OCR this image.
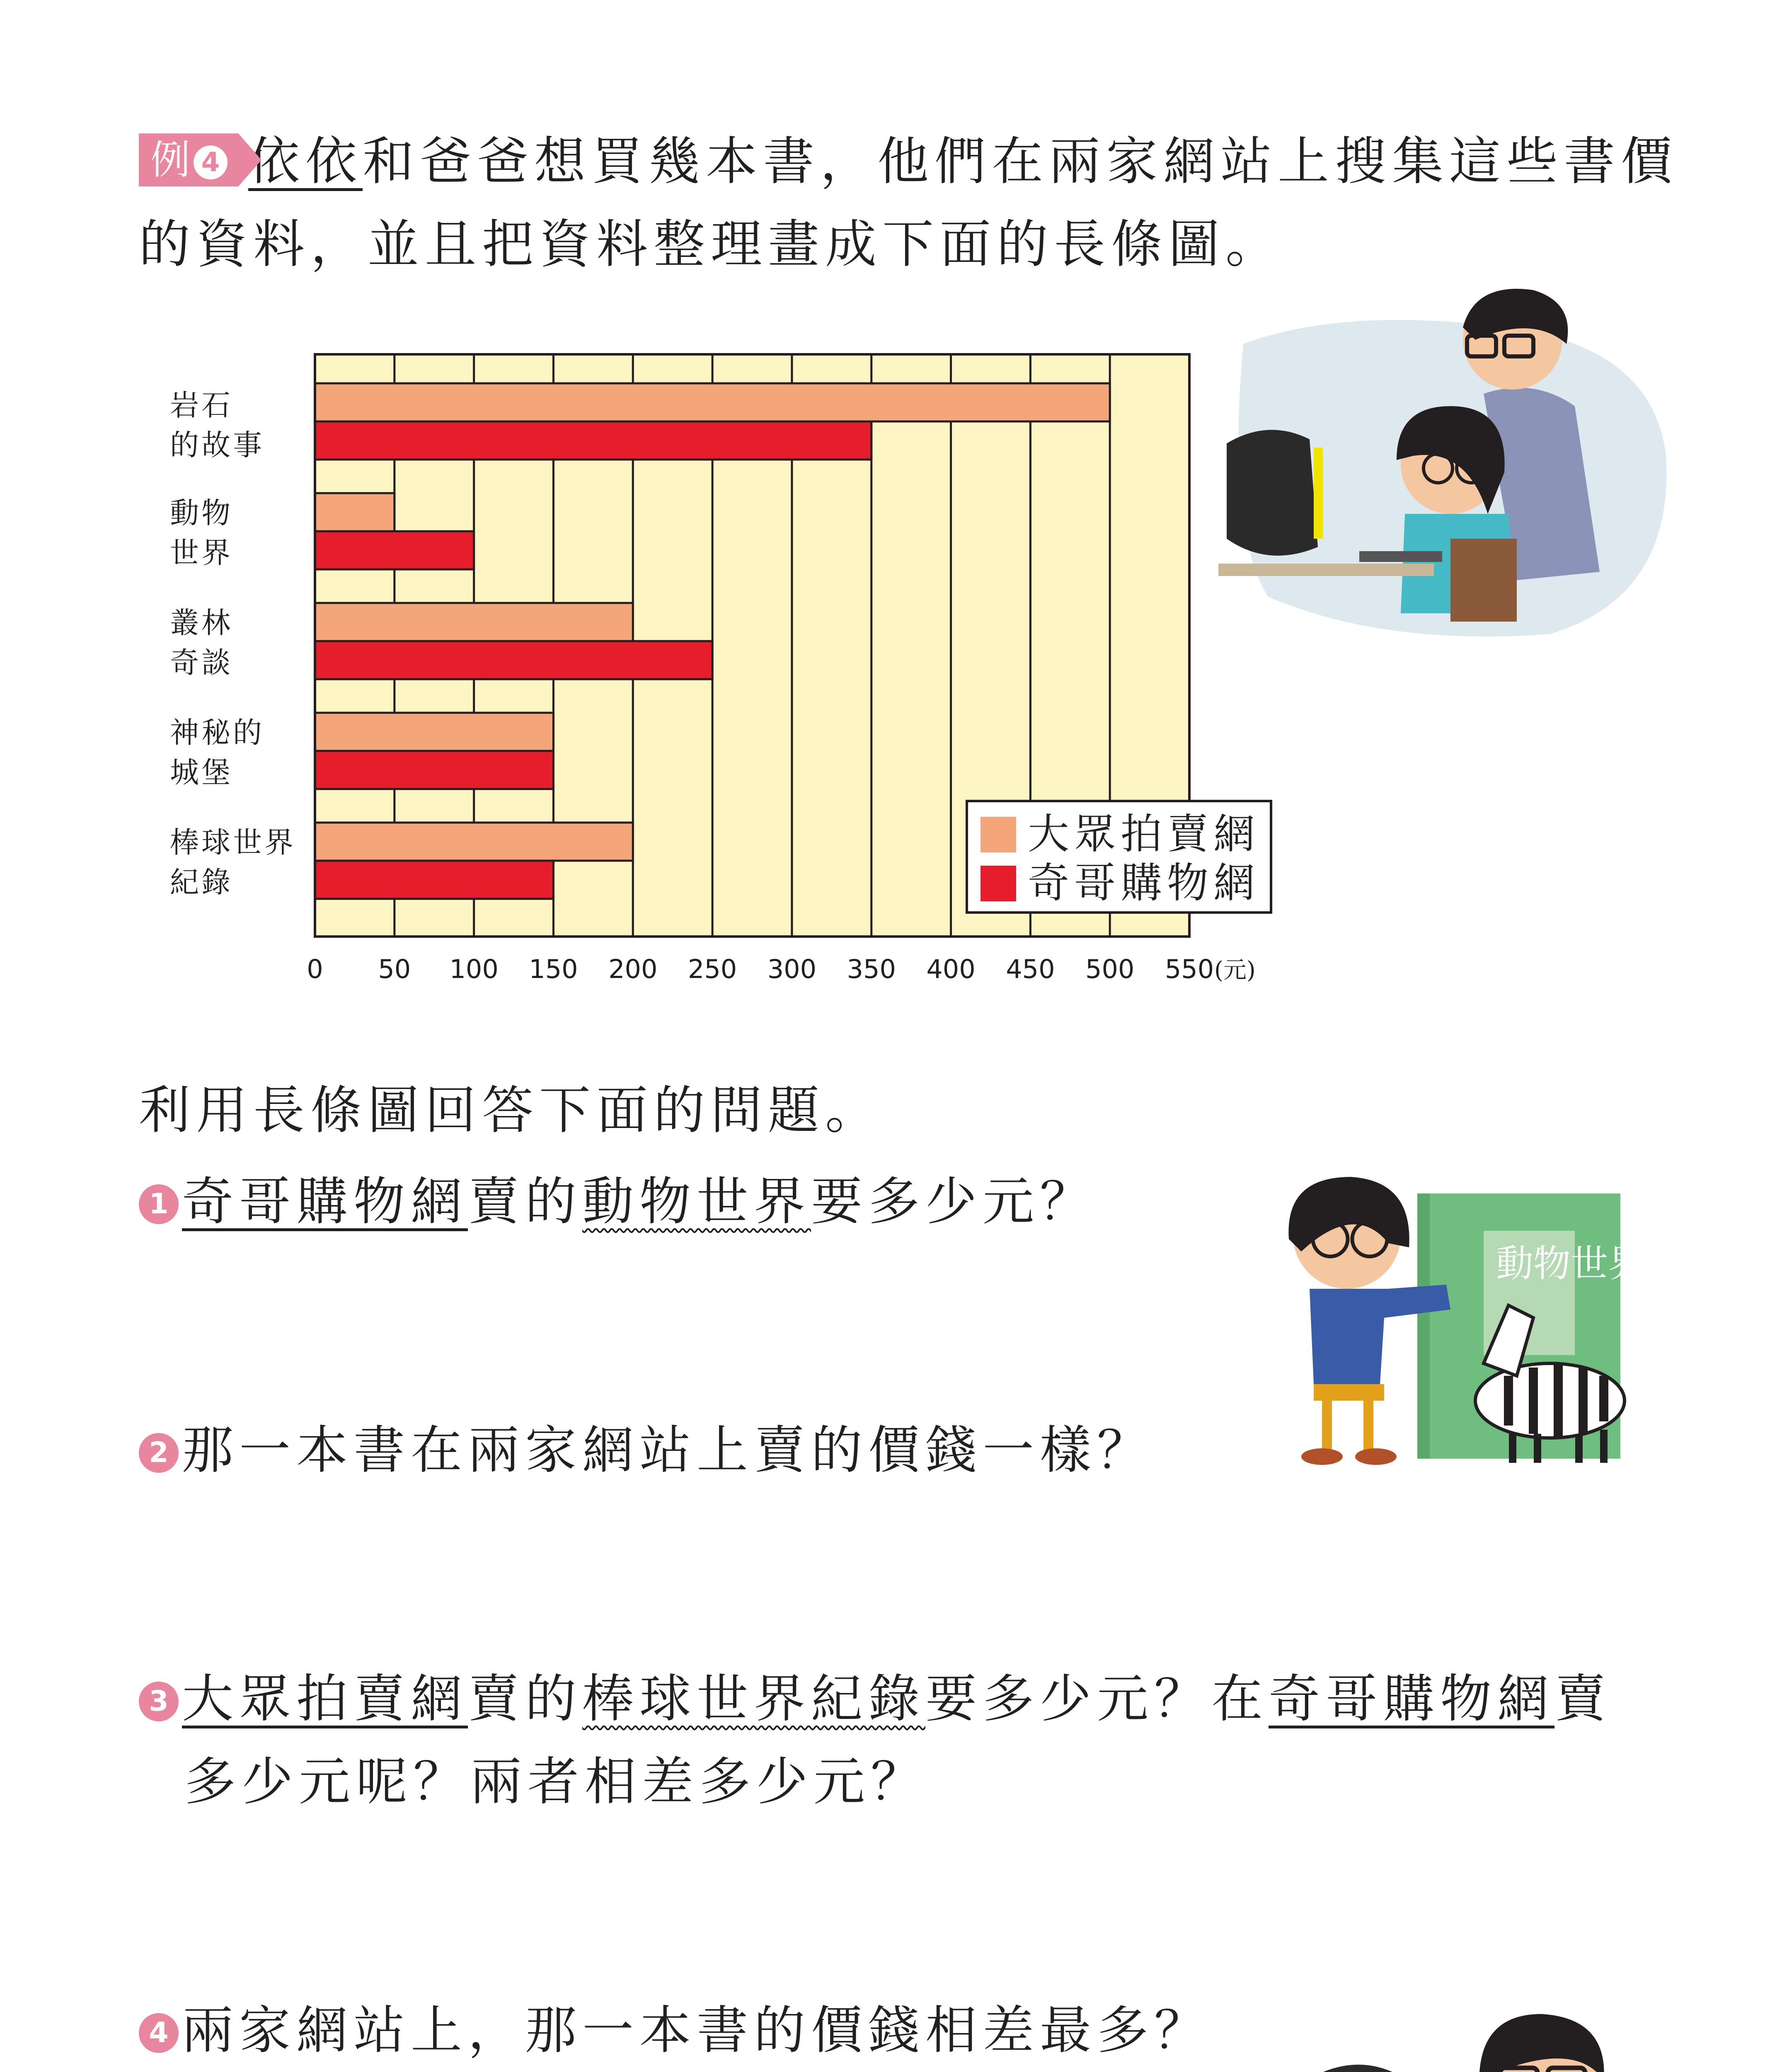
例 4 依依和爸爸想買幾本書，他們在兩家網站上搜集這些書價的資料，並且把資料整理畫成下面的長條圖。

岩石
的故事
動物
世界
叢林
奇談
神秘的
城堡
棒球世界
紀錄
0 50 100 150 200 250 300 350 400 450 500 550 (元)
大眾拍賣網
奇哥購物網

利用長條圖回答下面的問題。

1 奇哥購物網賣的動物世界要多少元？

2 那一本書在兩家網站上賣的價錢一樣？

動物世界

3 大眾拍賣網賣的棒球世界紀錄要多少元？在奇哥購物網賣

多少元呢？兩者相差多少元？

4 兩家網站上，那一本書的價錢相差最多？
